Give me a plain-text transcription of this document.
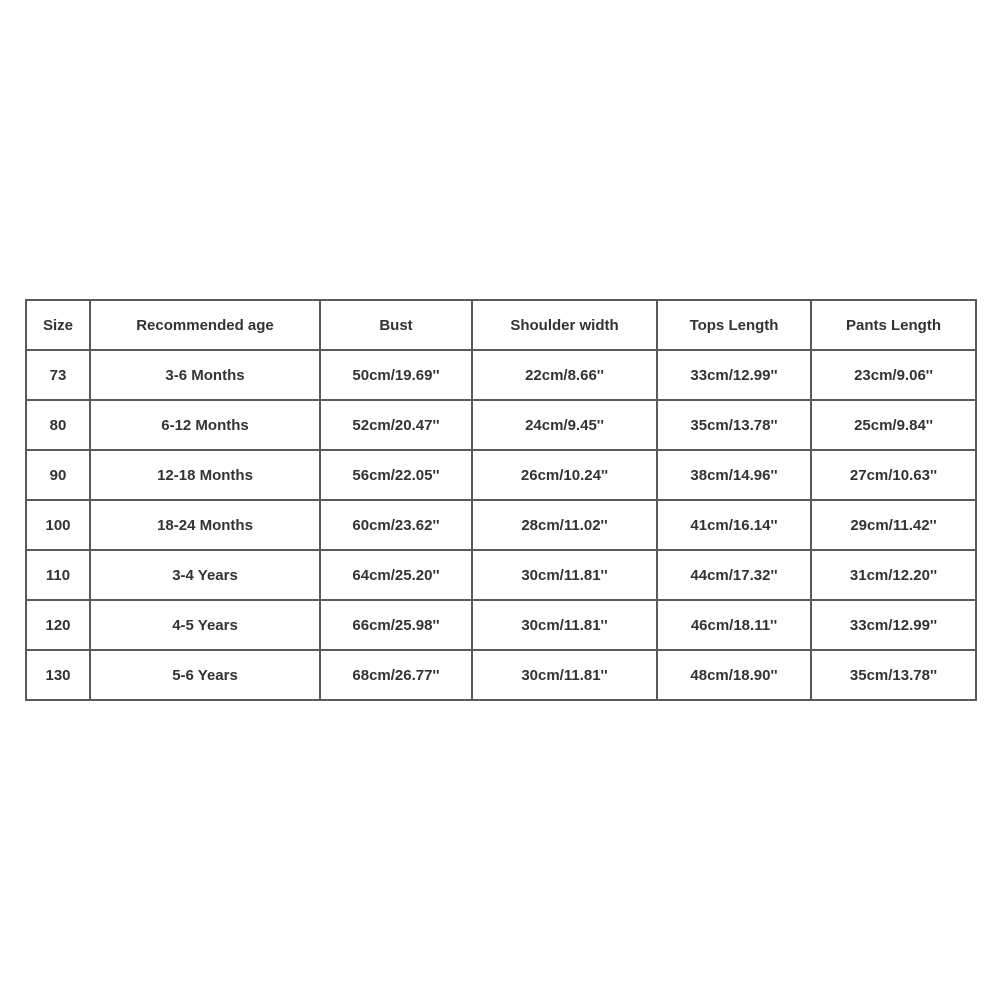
Size	Recommended age	Bust	Shoulder width	Tops Length	Pants Length
73	3-6 Months	50cm/19.69''	22cm/8.66''	33cm/12.99''	23cm/9.06''
80	6-12 Months	52cm/20.47''	24cm/9.45''	35cm/13.78''	25cm/9.84''
90	12-18 Months	56cm/22.05''	26cm/10.24''	38cm/14.96''	27cm/10.63''
100	18-24 Months	60cm/23.62''	28cm/11.02''	41cm/16.14''	29cm/11.42''
110	3-4 Years	64cm/25.20''	30cm/11.81''	44cm/17.32''	31cm/12.20''
120	4-5 Years	66cm/25.98''	30cm/11.81''	46cm/18.11''	33cm/12.99''
130	5-6 Years	68cm/26.77''	30cm/11.81''	48cm/18.90''	35cm/13.78''
